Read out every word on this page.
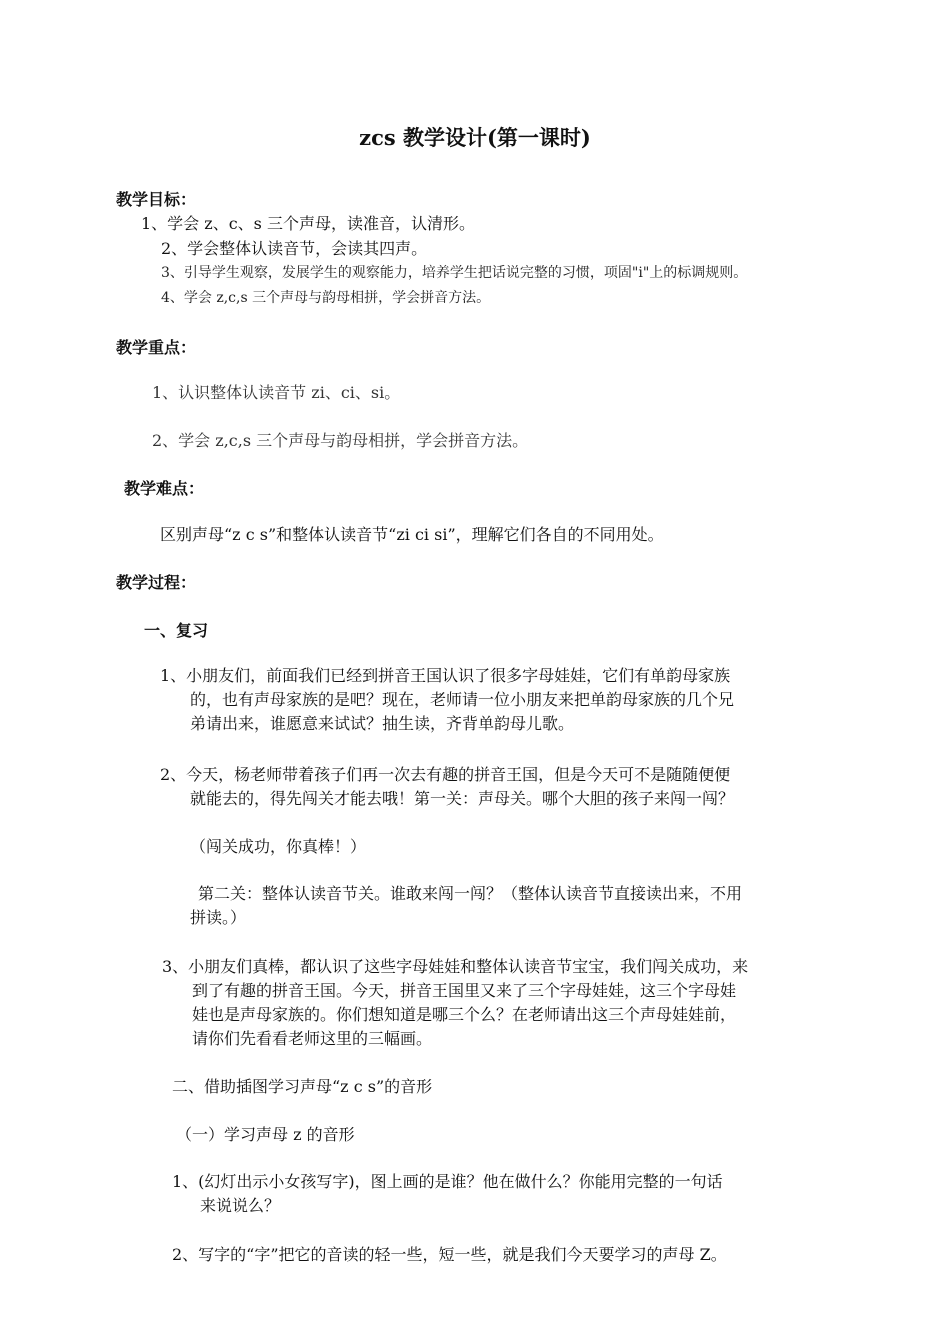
zcs 教学设计(第一课时)
教学目标：
1、学会 z、c、s 三个声母，读准音，认清形。
2、学会整体认读音节，会读其四声。
3、引导学生观察，发展学生的观察能力，培养学生把话说完整的习惯，项固"i"上的标调规则。
4、学会 z,c,s 三个声母与韵母相拼，学会拼音方法。
教学重点：
1、认识整体认读音节 zi、ci、si。
2、学会 z,c,s 三个声母与韵母相拼，学会拼音方法。
教学难点：
区别声母“z c s”和整体认读音节“zi ci si”，理解它们各自的不同用处。
教学过程：
一、复习
1、小朋友们，前面我们已经到拼音王国认识了很多字母娃娃，它们有单韵母家族
的，也有声母家族的是吧？现在，老师请一位小朋友来把单韵母家族的几个兄
弟请出来，谁愿意来试试？抽生读，齐背单韵母儿歌。
2、今天，杨老师带着孩子们再一次去有趣的拼音王国，但是今天可不是随随便便
就能去的，得先闯关才能去哦！第一关：声母关。哪个大胆的孩子来闯一闯？
（闯关成功，你真棒！）
第二关：整体认读音节关。谁敢来闯一闯？（整体认读音节直接读出来，不用
拼读。）
3、小朋友们真棒，都认识了这些字母娃娃和整体认读音节宝宝，我们闯关成功，来
到了有趣的拼音王国。今天，拼音王国里又来了三个字母娃娃，这三个字母娃
娃也是声母家族的。你们想知道是哪三个么？在老师请出这三个声母娃娃前，
请你们先看看老师这里的三幅画。
二、借助插图学习声母“z c s”的音形
（一）学习声母 z 的音形
1、(幻灯出示小女孩写字)，图上画的是谁？他在做什么？你能用完整的一句话
来说说么？
2、写字的“字”把它的音读的轻一些，短一些，就是我们今天要学习的声母 Z。
